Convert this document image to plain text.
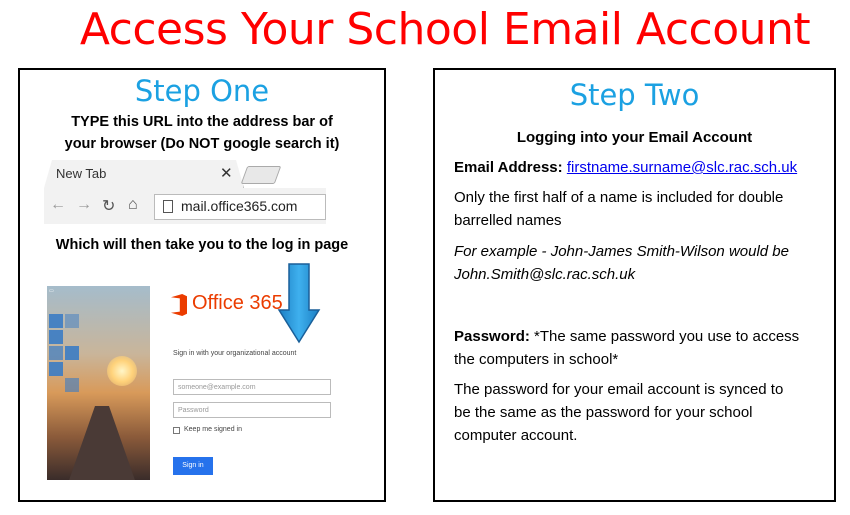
Access Your School Email Account
Step One
TYPE this URL into the address bar of
your browser (Do NOT google search it)
New Tab	✕
← → ↻ ⌂	mail.office365.com
Which will then take you to the log in page
▭
Office 365
Sign in with your organizational account
someone@example.com
Password
Keep me signed in
Sign in
Step Two
Logging into your Email Account
Email Address: firstname.surname@slc.rac.sch.uk
Only the first half of a name is included for double
barrelled names
For example - John-James Smith-Wilson would be
John.Smith@slc.rac.sch.uk
Password: *The same password you use to access
the computers in school*
The password for your email account is synced to
be the same as the password for your school
computer account.
